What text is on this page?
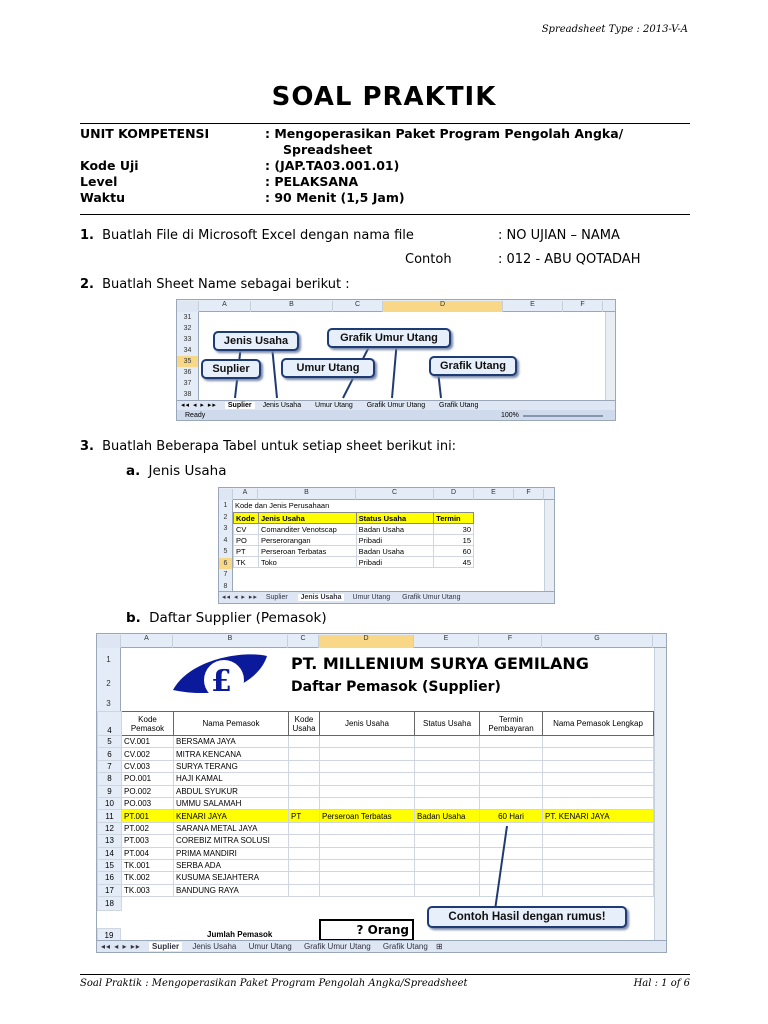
Spreadsheet Type : 2013-V-A
SOAL PRAKTIK
UNIT KOMPETENSI	: Mengoperasikan Paket Program Pengolah Angka/
Spreadsheet
Kode Uji	: (JAP.TA03.001.01)
Level	: PELAKSANA
Waktu	: 90 Menit (1,5 Jam)
1. Buatlah File di Microsoft Excel dengan nama file	: NO UJIAN – NAMA
Contoh	: 012 - ABU QOTADAH
2. Buatlah Sheet Name sebagai berikut :
A	B	C	D	E	F
31
32
33
34
35
36
37
38
Jenis Usaha	Grafik Umur Utang
Suplier	Umur Utang	Grafik Utang
◂◂ ◂ ▸ ▸▸ Suplier Jenis Usaha Umur Utang Grafik Umur Utang Grafik Utang
Ready	100%
3. Buatlah Beberapa Tabel untuk setiap sheet berikut ini:
a. Jenis Usaha
A	B	C	D	E	F
1
2
3
4
5
6
7
8
Kode dan Jenis Perusahaan
Kode	Jenis Usaha	Status Usaha	Termin
CV	Comanditer Venotscap	Badan Usaha	30
PO	Perserorangan	Pribadi	15
PT	Perseroan Terbatas	Badan Usaha	60
TK	Toko	Pribadi	45
◂◂ ◂ ▸ ▸▸ Suplier Jenis Usaha Umur Utang Grafik Umur Utang
b. Daftar Supplier (Pemasok)
A	B	C	D	E	F	G
£
PT. MILLENIUM SURYA GEMILANG
Daftar Pemasok (Supplier)
1
2
3
4	Kode Pemasok	Nama Pemasok	Kode Usaha	Jenis Usaha	Status Usaha	Termin Pembayaran	Nama Pemasok Lengkap
5	CV.001	BERSAMA JAYA					
6	CV.002	MITRA KENCANA					
7	CV.003	SURYA TERANG					
8	PO.001	HAJI KAMAL					
9	PO.002	ABDUL SYUKUR					
10	PO.003	UMMU SALAMAH					
11	PT.001	KENARI JAYA	PT	Perseroan Terbatas	Badan Usaha	60 Hari	PT. KENARI JAYA
12	PT.002	SARANA METAL JAYA					
13	PT.003	COREBIZ MITRA SOLUSI					
14	PT.004	PRIMA MANDIRI					
15	TK.001	SERBA ADA					
16	TK.002	KUSUMA SEJAHTERA					
17	TK.003	BANDUNG RAYA					
18							
19	Jumlah Pemasok	? Orang
Contoh Hasil dengan rumus!
◂◂ ◂ ▸ ▸▸ Suplier Jenis Usaha Umur Utang Grafik Umur Utang Grafik Utang ⊞
Soal Praktik : Mengoperasikan Paket Program Pengolah Angka/Spreadsheet	Hal : 1 of 6
